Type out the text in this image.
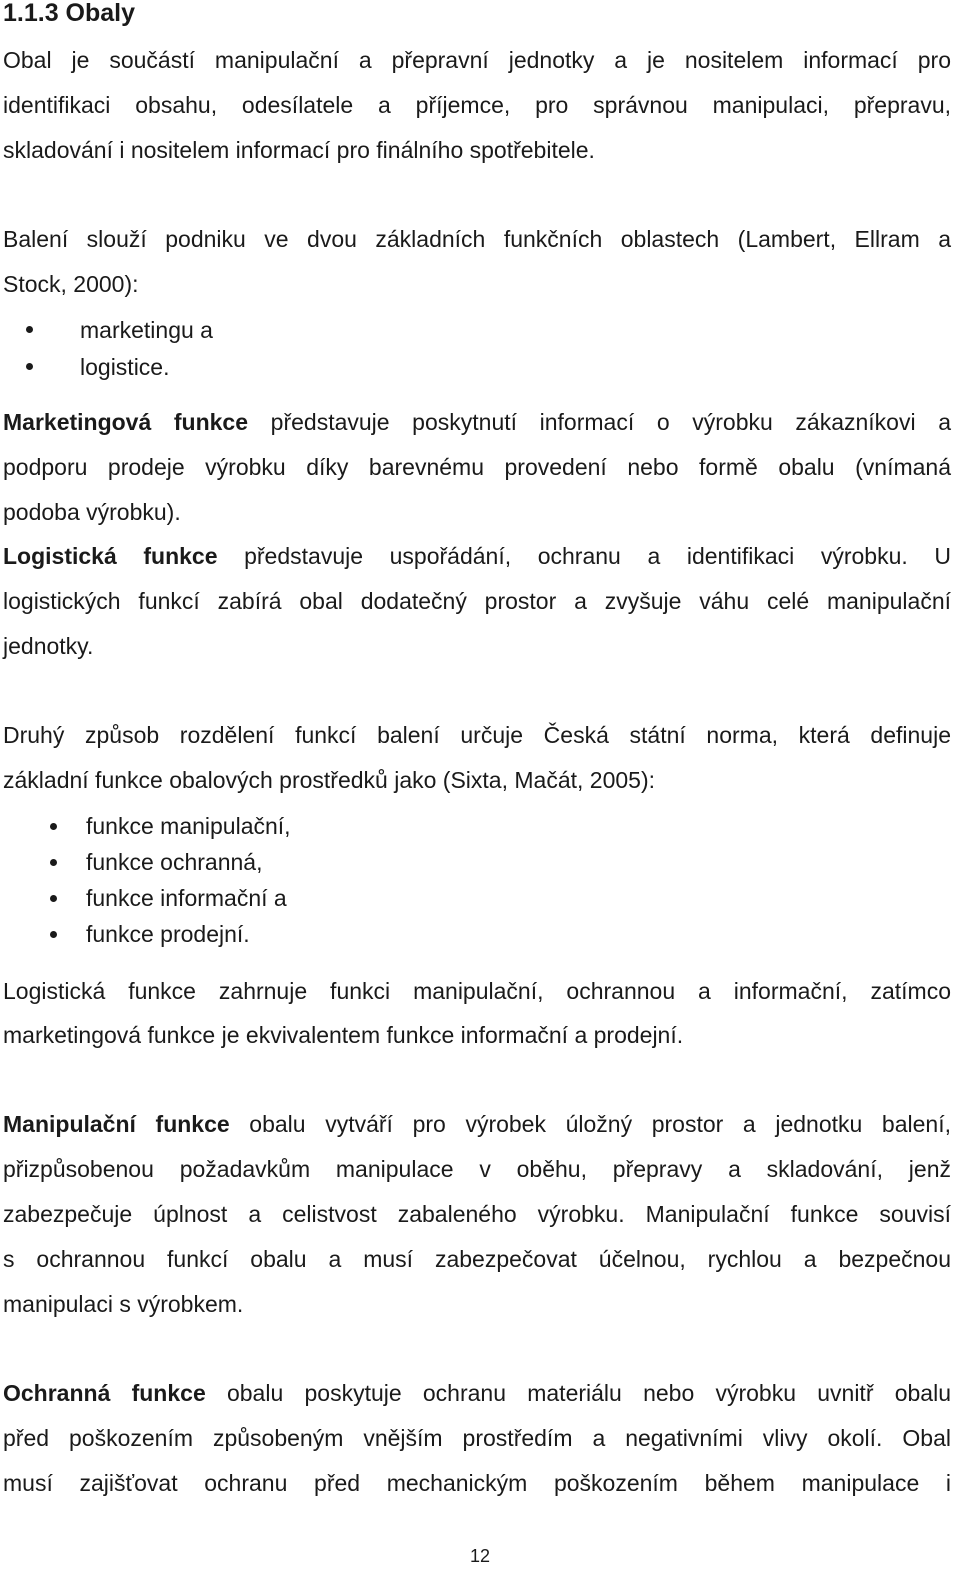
1.1.3 Obaly
Obal je součástí manipulační a přepravní jednotky a je nositelem informací pro
identifikaci obsahu, odesílatele a příjemce, pro správnou manipulaci, přepravu,
skladování i nositelem informací pro finálního spotřebitele.
Balení slouží podniku ve dvou základních funkčních oblastech (Lambert, Ellram a
Stock, 2000):
marketingu a
logistice.
Marketingová funkce představuje poskytnutí informací o výrobku zákazníkovi a
podporu prodeje výrobku díky barevnému provedení nebo formě obalu (vnímaná
podoba výrobku).
Logistická funkce představuje uspořádání, ochranu a identifikaci výrobku. U
logistických funkcí zabírá obal dodatečný prostor a zvyšuje váhu celé manipulační
jednotky.
Druhý způsob rozdělení funkcí balení určuje Česká státní norma, která definuje
základní funkce obalových prostředků jako (Sixta, Mačát, 2005):
funkce manipulační,
funkce ochranná,
funkce informační a
funkce prodejní.
Logistická funkce zahrnuje funkci manipulační, ochrannou a informační, zatímco
marketingová funkce je ekvivalentem funkce informační a prodejní.
Manipulační funkce obalu vytváří pro výrobek úložný prostor a jednotku balení,
přizpůsobenou požadavkům manipulace v oběhu, přepravy a skladování, jenž
zabezpečuje úplnost a celistvost zabaleného výrobku. Manipulační funkce souvisí
s ochrannou funkcí obalu a musí zabezpečovat účelnou, rychlou a bezpečnou
manipulaci s výrobkem.
Ochranná funkce obalu poskytuje ochranu materiálu nebo výrobku uvnitř obalu
před poškozením způsobeným vnějším prostředím a negativními vlivy okolí. Obal
musí zajišťovat ochranu před mechanickým poškozením během manipulace i
12
